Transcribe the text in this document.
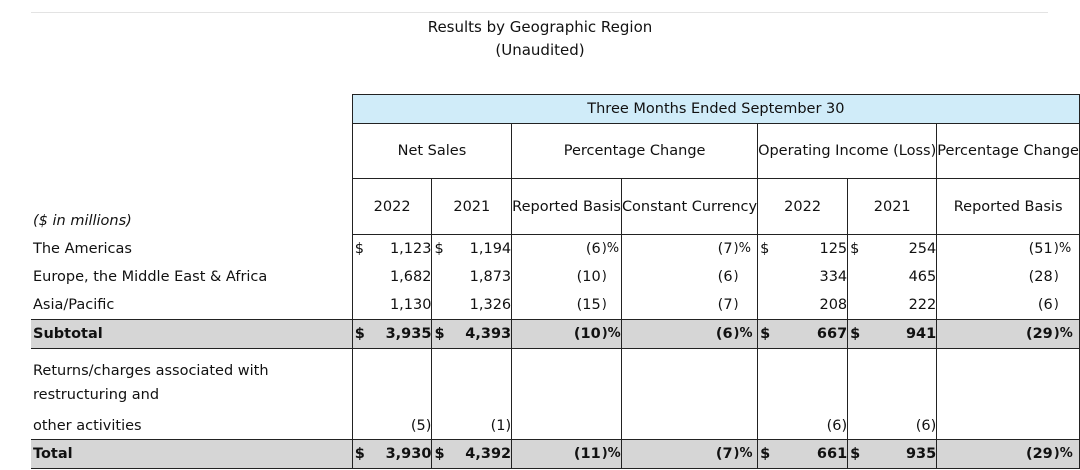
Results by Geographic Region
(Unaudited)
	Three Months Ended September 30													
	Net Sales				Percentage Change				Operating Income (Loss)				Percentage Change	
($ in millions)	2022		2021		Reported Basis		Constant Currency		2022		2021		Reported Basis	
The Americas	$	1,123	$	1,194	(6	)%	(7	)%	$	125	$	254	(51	)%
Europe, the Middle East & Africa		1,682		1,873	(10	)	(6	)		334		465	(28	)
Asia/Pacific		1,130		1,326	(15	)	(7	)		208		222	(6	)
Subtotal	$	3,935	$	4,393	(10	)%	(6	)%	$	667	$	941	(29	)%
Returns/charges associated with restructuring and														
other activities		(5)		(1)						(6)		(6)		
Total	$	3,930	$	4,392	(11	)%	(7	)%	$	661	$	935	(29	)%
